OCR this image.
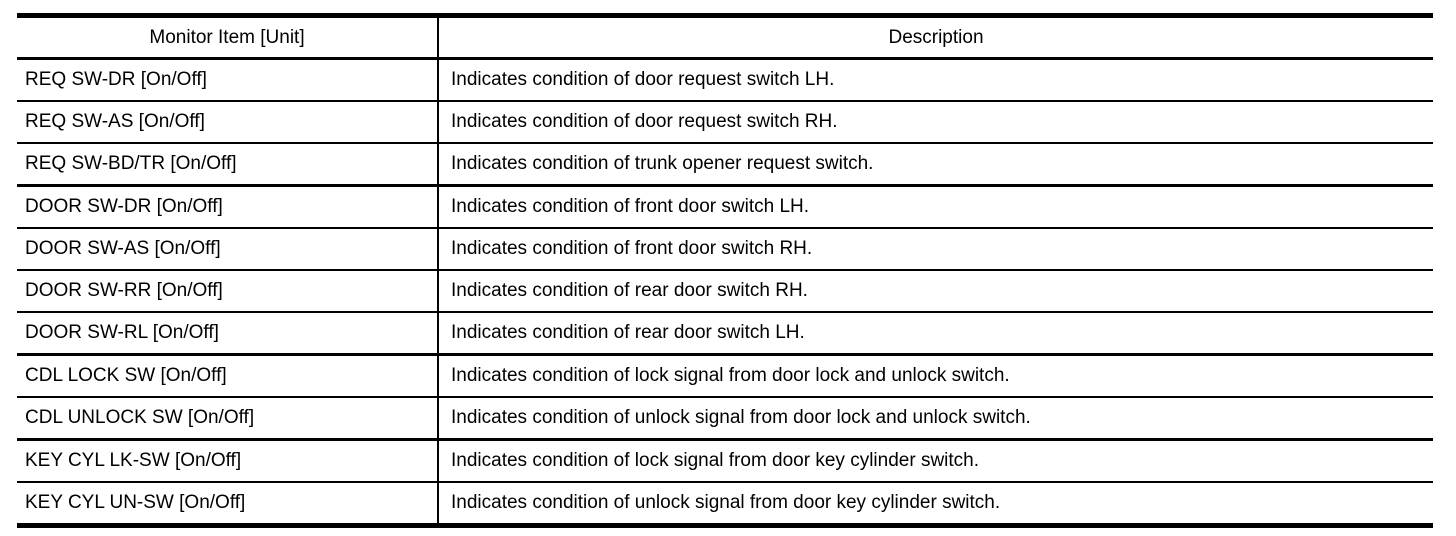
Monitor Item [Unit]	Description
REQ SW-DR [On/Off]	Indicates condition of door request switch LH.
REQ SW-AS [On/Off]	Indicates condition of door request switch RH.
REQ SW-BD/TR [On/Off]	Indicates condition of trunk opener request switch.
DOOR SW-DR [On/Off]	Indicates condition of front door switch LH.
DOOR SW-AS [On/Off]	Indicates condition of front door switch RH.
DOOR SW-RR [On/Off]	Indicates condition of rear door switch RH.
DOOR SW-RL [On/Off]	Indicates condition of rear door switch LH.
CDL LOCK SW [On/Off]	Indicates condition of lock signal from door lock and unlock switch.
CDL UNLOCK SW [On/Off]	Indicates condition of unlock signal from door lock and unlock switch.
KEY CYL LK-SW [On/Off]	Indicates condition of lock signal from door key cylinder switch.
KEY CYL UN-SW [On/Off]	Indicates condition of unlock signal from door key cylinder switch.
